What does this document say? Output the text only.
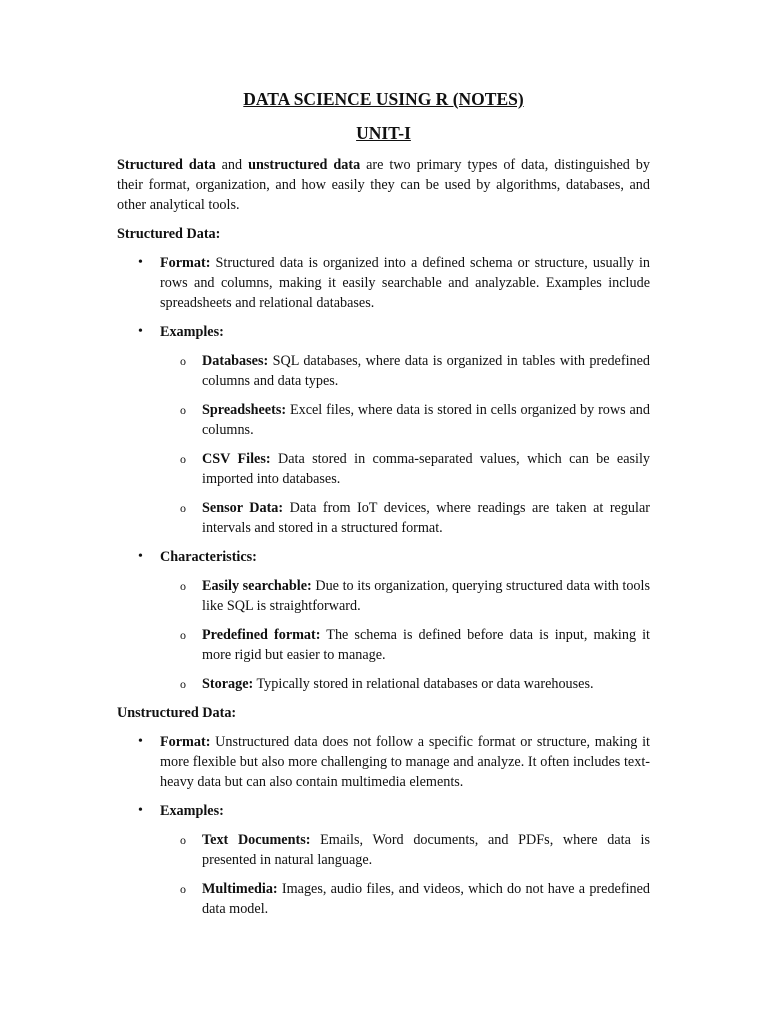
DATA SCIENCE USING R (NOTES)
UNIT-I

Structured data and unstructured data are two primary types of data, distinguished by their format, organization, and how easily they can be used by algorithms, databases, and other analytical tools.

Structured Data:
• Format: Structured data is organized into a defined schema or structure, usually in rows and columns, making it easily searchable and analyzable. Examples include spreadsheets and relational databases.
• Examples:
o Databases: SQL databases, where data is organized in tables with predefined columns and data types.
o Spreadsheets: Excel files, where data is stored in cells organized by rows and columns.
o CSV Files: Data stored in comma-separated values, which can be easily imported into databases.
o Sensor Data: Data from IoT devices, where readings are taken at regular intervals and stored in a structured format.
• Characteristics:
o Easily searchable: Due to its organization, querying structured data with tools like SQL is straightforward.
o Predefined format: The schema is defined before data is input, making it more rigid but easier to manage.
o Storage: Typically stored in relational databases or data warehouses.
Unstructured Data:
• Format: Unstructured data does not follow a specific format or structure, making it more flexible but also more challenging to manage and analyze. It often includes text-heavy data but can also contain multimedia elements.
• Examples:
o Text Documents: Emails, Word documents, and PDFs, where data is presented in natural language.
o Multimedia: Images, audio files, and videos, which do not have a predefined data model.
